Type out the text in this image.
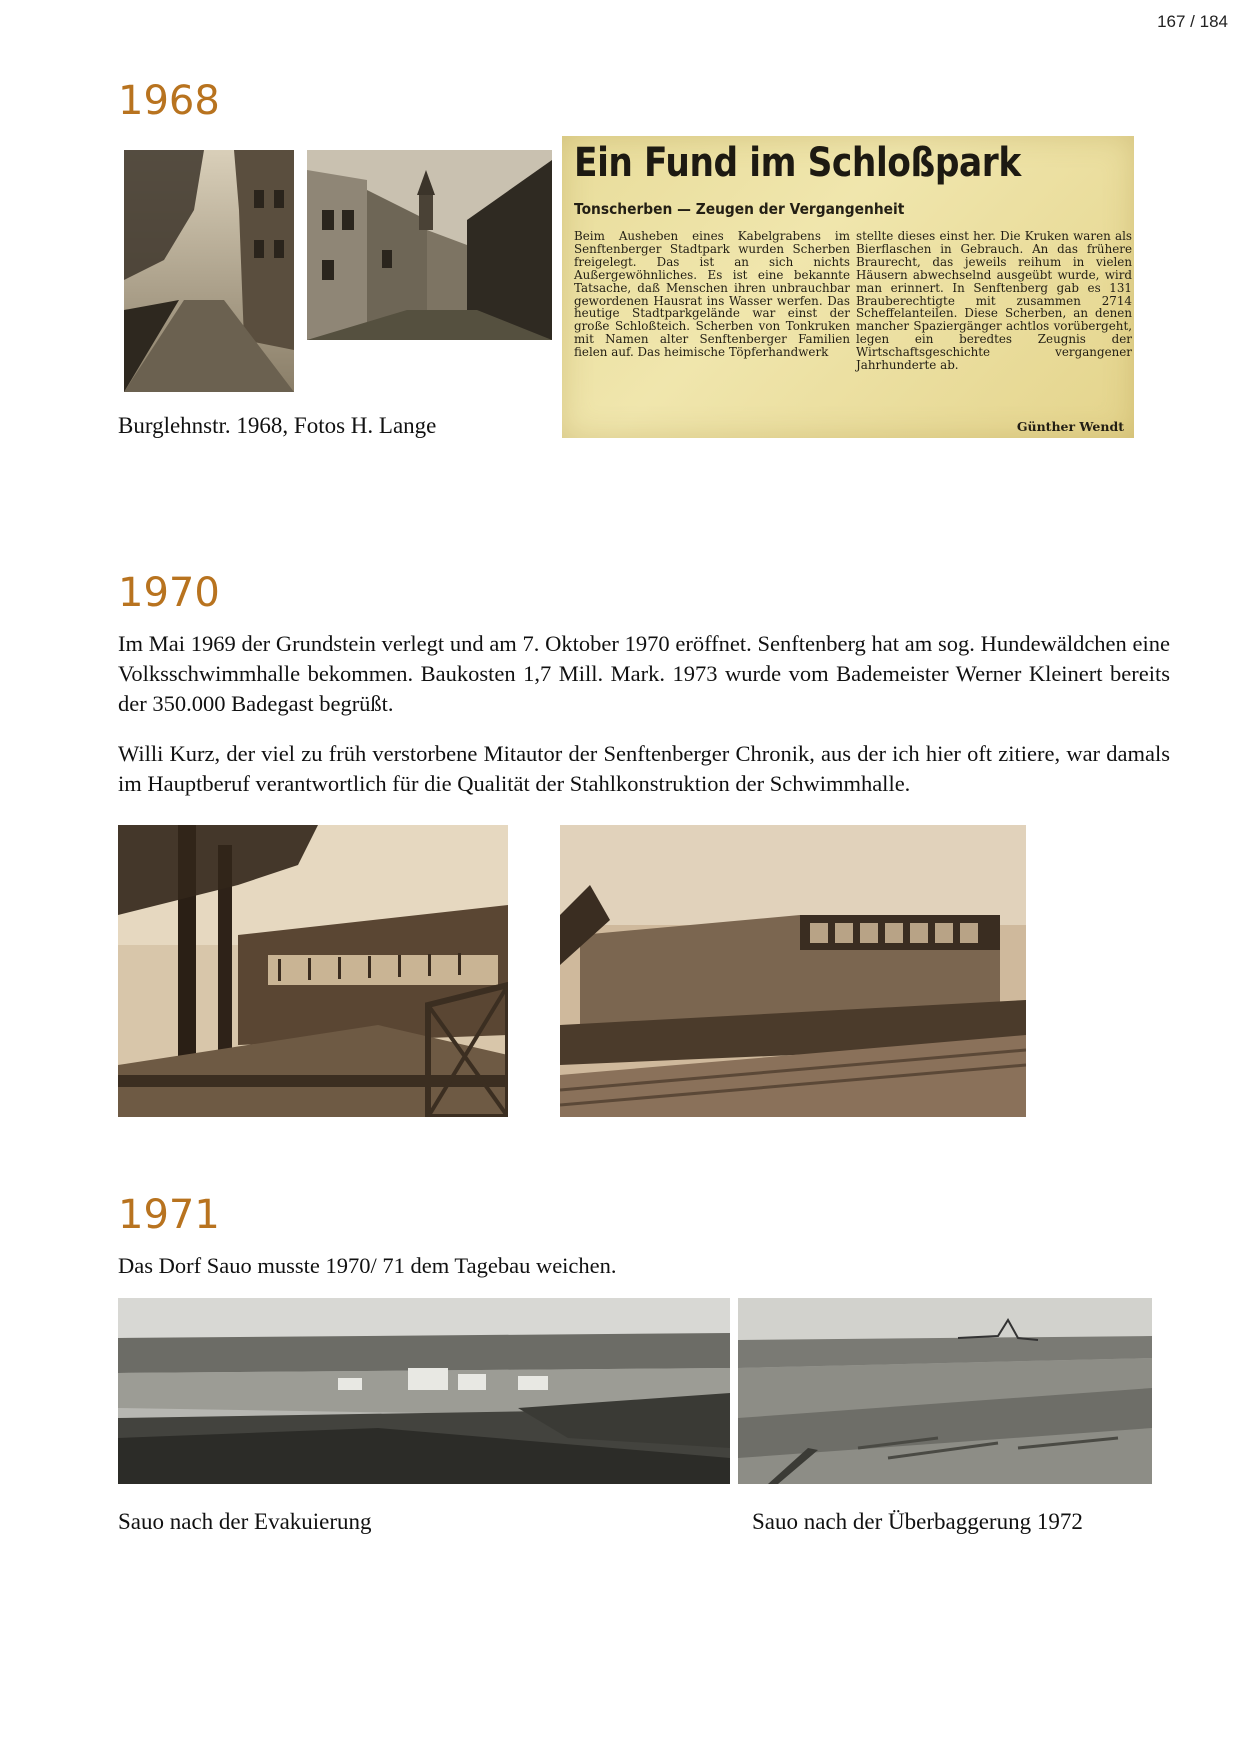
167 / 184
1968
Ein Fund im Schloßpark
Tonscherben — Zeugen der Vergangenheit
Beim Ausheben eines Kabelgrabens im Senftenberger Stadtpark wurden Scherben freigelegt. Das ist an sich nichts Außergewöhnliches. Es ist eine bekannte Tatsache, daß Menschen ihren unbrauchbar gewordenen Hausrat ins Wasser werfen. Das heutige Stadtparkgelände war einst der große Schloßteich. Scherben von Tonkruken mit Namen alter Senftenberger Familien fielen auf. Das heimische Töpferhandwerk
stellte dieses einst her. Die Kruken waren als Bierflaschen in Gebrauch. An das frühere Braurecht, das jeweils reihum in vielen Häusern abwechselnd ausgeübt wurde, wird man erinnert. In Senftenberg gab es 131 Brauberechtigte mit zusammen 2714 Scheffelanteilen. Diese Scherben, an denen mancher Spaziergänger achtlos vorübergeht, legen ein beredtes Zeugnis der Wirtschaftsgeschichte vergangener Jahrhunderte ab.
Günther Wendt

Burglehnstr. 1968, Fotos H. Lange

1970

Im Mai 1969 der Grundstein verlegt und am 7. Oktober 1970 eröffnet. Senftenberg hat am sog. Hundewäldchen eine Volksschwimmhalle bekommen. Baukosten 1,7 Mill. Mark. 1973 wurde vom Bademeister Werner Kleinert bereits der 350.000 Badegast begrüßt.

Willi Kurz, der viel zu früh verstorbene Mitautor der Senftenberger Chronik, aus der ich hier oft zitiere, war damals im Hauptberuf verantwortlich für die Qualität der Stahlkonstruktion der Schwimmhalle.

1971

Das Dorf Sauo musste 1970/ 71 dem Tagebau weichen.

Sauo nach der Evakuierung	Sauo nach der Überbaggerung 1972
